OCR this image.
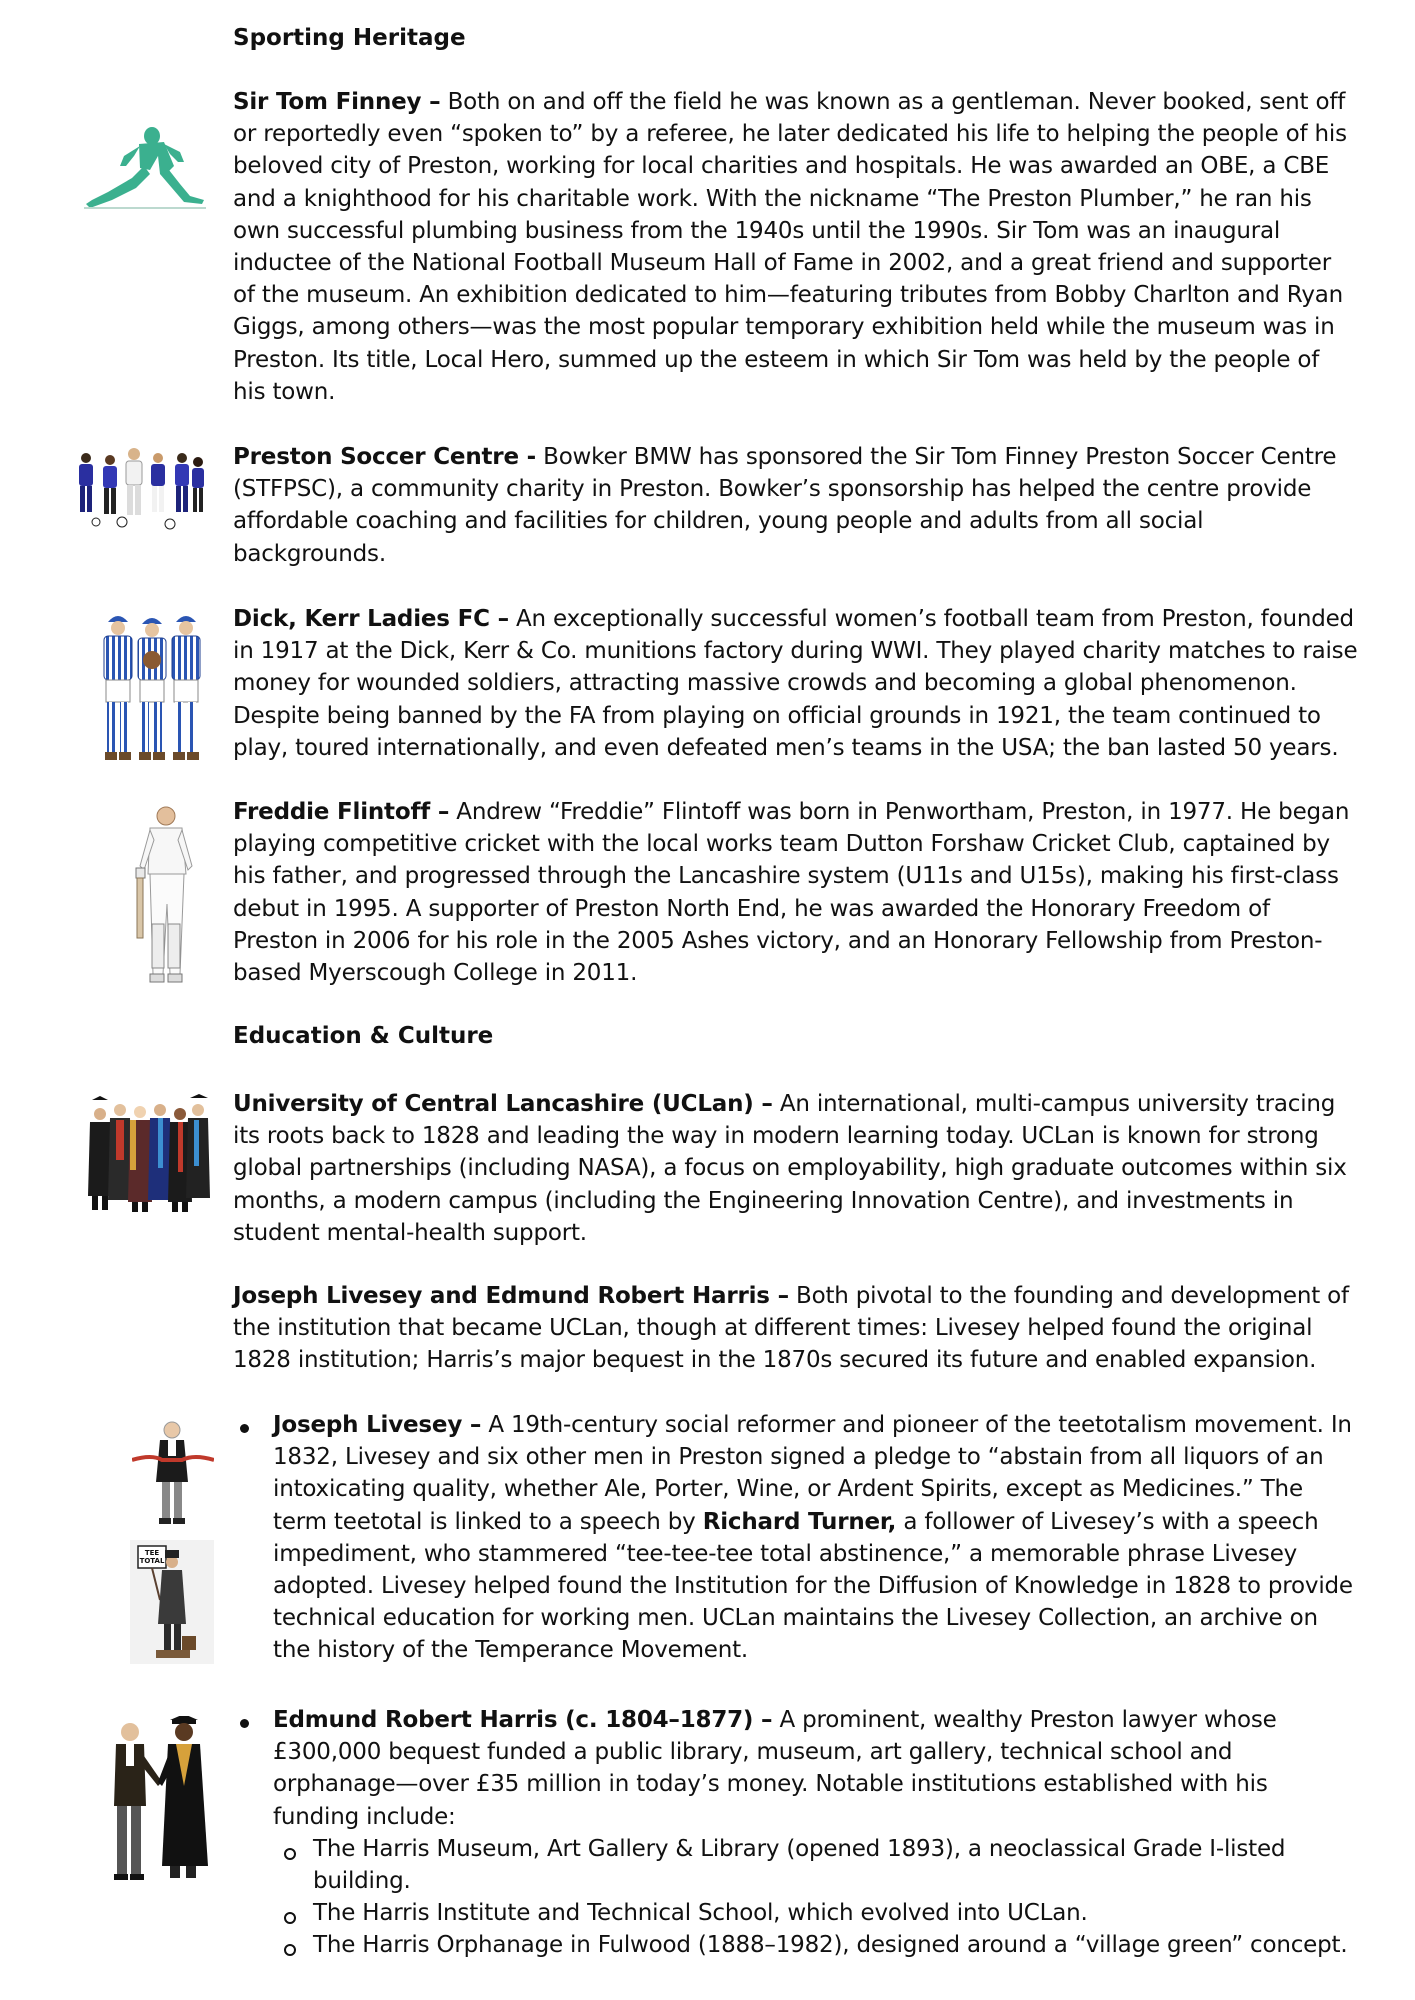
Sporting Heritage

Sir Tom Finney – Both on and off the field he was known as a gentleman. Never booked, sent off or reportedly even “spoken to” by a referee, he later dedicated his life to helping the people of his beloved city of Preston, working for local charities and hospitals. He was awarded an OBE, a CBE and a knighthood for his charitable work. With the nickname “The Preston Plumber,” he ran his own successful plumbing business from the 1940s until the 1990s. Sir Tom was an inaugural inductee of the National Football Museum Hall of Fame in 2002, and a great friend and supporter of the museum. An exhibition dedicated to him—featuring tributes from Bobby Charlton and Ryan Giggs, among others—was the most popular temporary exhibition held while the museum was in Preston. Its title, Local Hero, summed up the esteem in which Sir Tom was held by the people of his town.

Preston Soccer Centre - Bowker BMW has sponsored the Sir Tom Finney Preston Soccer Centre (STFPSC), a community charity in Preston. Bowker’s sponsorship has helped the centre provide affordable coaching and facilities for children, young people and adults from all social backgrounds.

Dick, Kerr Ladies FC – An exceptionally successful women’s football team from Preston, founded in 1917 at the Dick, Kerr & Co. munitions factory during WWI. They played charity matches to raise money for wounded soldiers, attracting massive crowds and becoming a global phenomenon. Despite being banned by the FA from playing on official grounds in 1921, the team continued to play, toured internationally, and even defeated men’s teams in the USA; the ban lasted 50 years.

Freddie Flintoff – Andrew “Freddie” Flintoff was born in Penwortham, Preston, in 1977. He began playing competitive cricket with the local works team Dutton Forshaw Cricket Club, captained by his father, and progressed through the Lancashire system (U11s and U15s), making his first-class debut in 1995. A supporter of Preston North End, he was awarded the Honorary Freedom of Preston in 2006 for his role in the 2005 Ashes victory, and an Honorary Fellowship from Preston-based Myerscough College in 2011.

Education & Culture

University of Central Lancashire (UCLan) – An international, multi-campus university tracing its roots back to 1828 and leading the way in modern learning today. UCLan is known for strong global partnerships (including NASA), a focus on employability, high graduate outcomes within six months, a modern campus (including the Engineering Innovation Centre), and investments in student mental-health support.

Joseph Livesey and Edmund Robert Harris – Both pivotal to the founding and development of the institution that became UCLan, though at different times: Livesey helped found the original 1828 institution; Harris’s major bequest in the 1870s secured its future and enabled expansion.

TEE TOTAL

Joseph Livesey – A 19th-century social reformer and pioneer of the teetotalism movement. In 1832, Livesey and six other men in Preston signed a pledge to “abstain from all liquors of an intoxicating quality, whether Ale, Porter, Wine, or Ardent Spirits, except as Medicines.” The term teetotal is linked to a speech by Richard Turner, a follower of Livesey’s with a speech impediment, who stammered “tee-tee-tee total abstinence,” a memorable phrase Livesey adopted. Livesey helped found the Institution for the Diffusion of Knowledge in 1828 to provide technical education for working men. UCLan maintains the Livesey Collection, an archive on the history of the Temperance Movement.

Edmund Robert Harris (c. 1804–1877) – A prominent, wealthy Preston lawyer whose £300,000 bequest funded a public library, museum, art gallery, technical school and orphanage—over £35 million in today’s money. Notable institutions established with his funding include:

The Harris Museum, Art Gallery & Library (opened 1893), a neoclassical Grade I-listed building.

The Harris Institute and Technical School, which evolved into UCLan.

The Harris Orphanage in Fulwood (1888–1982), designed around a “village green” concept.
